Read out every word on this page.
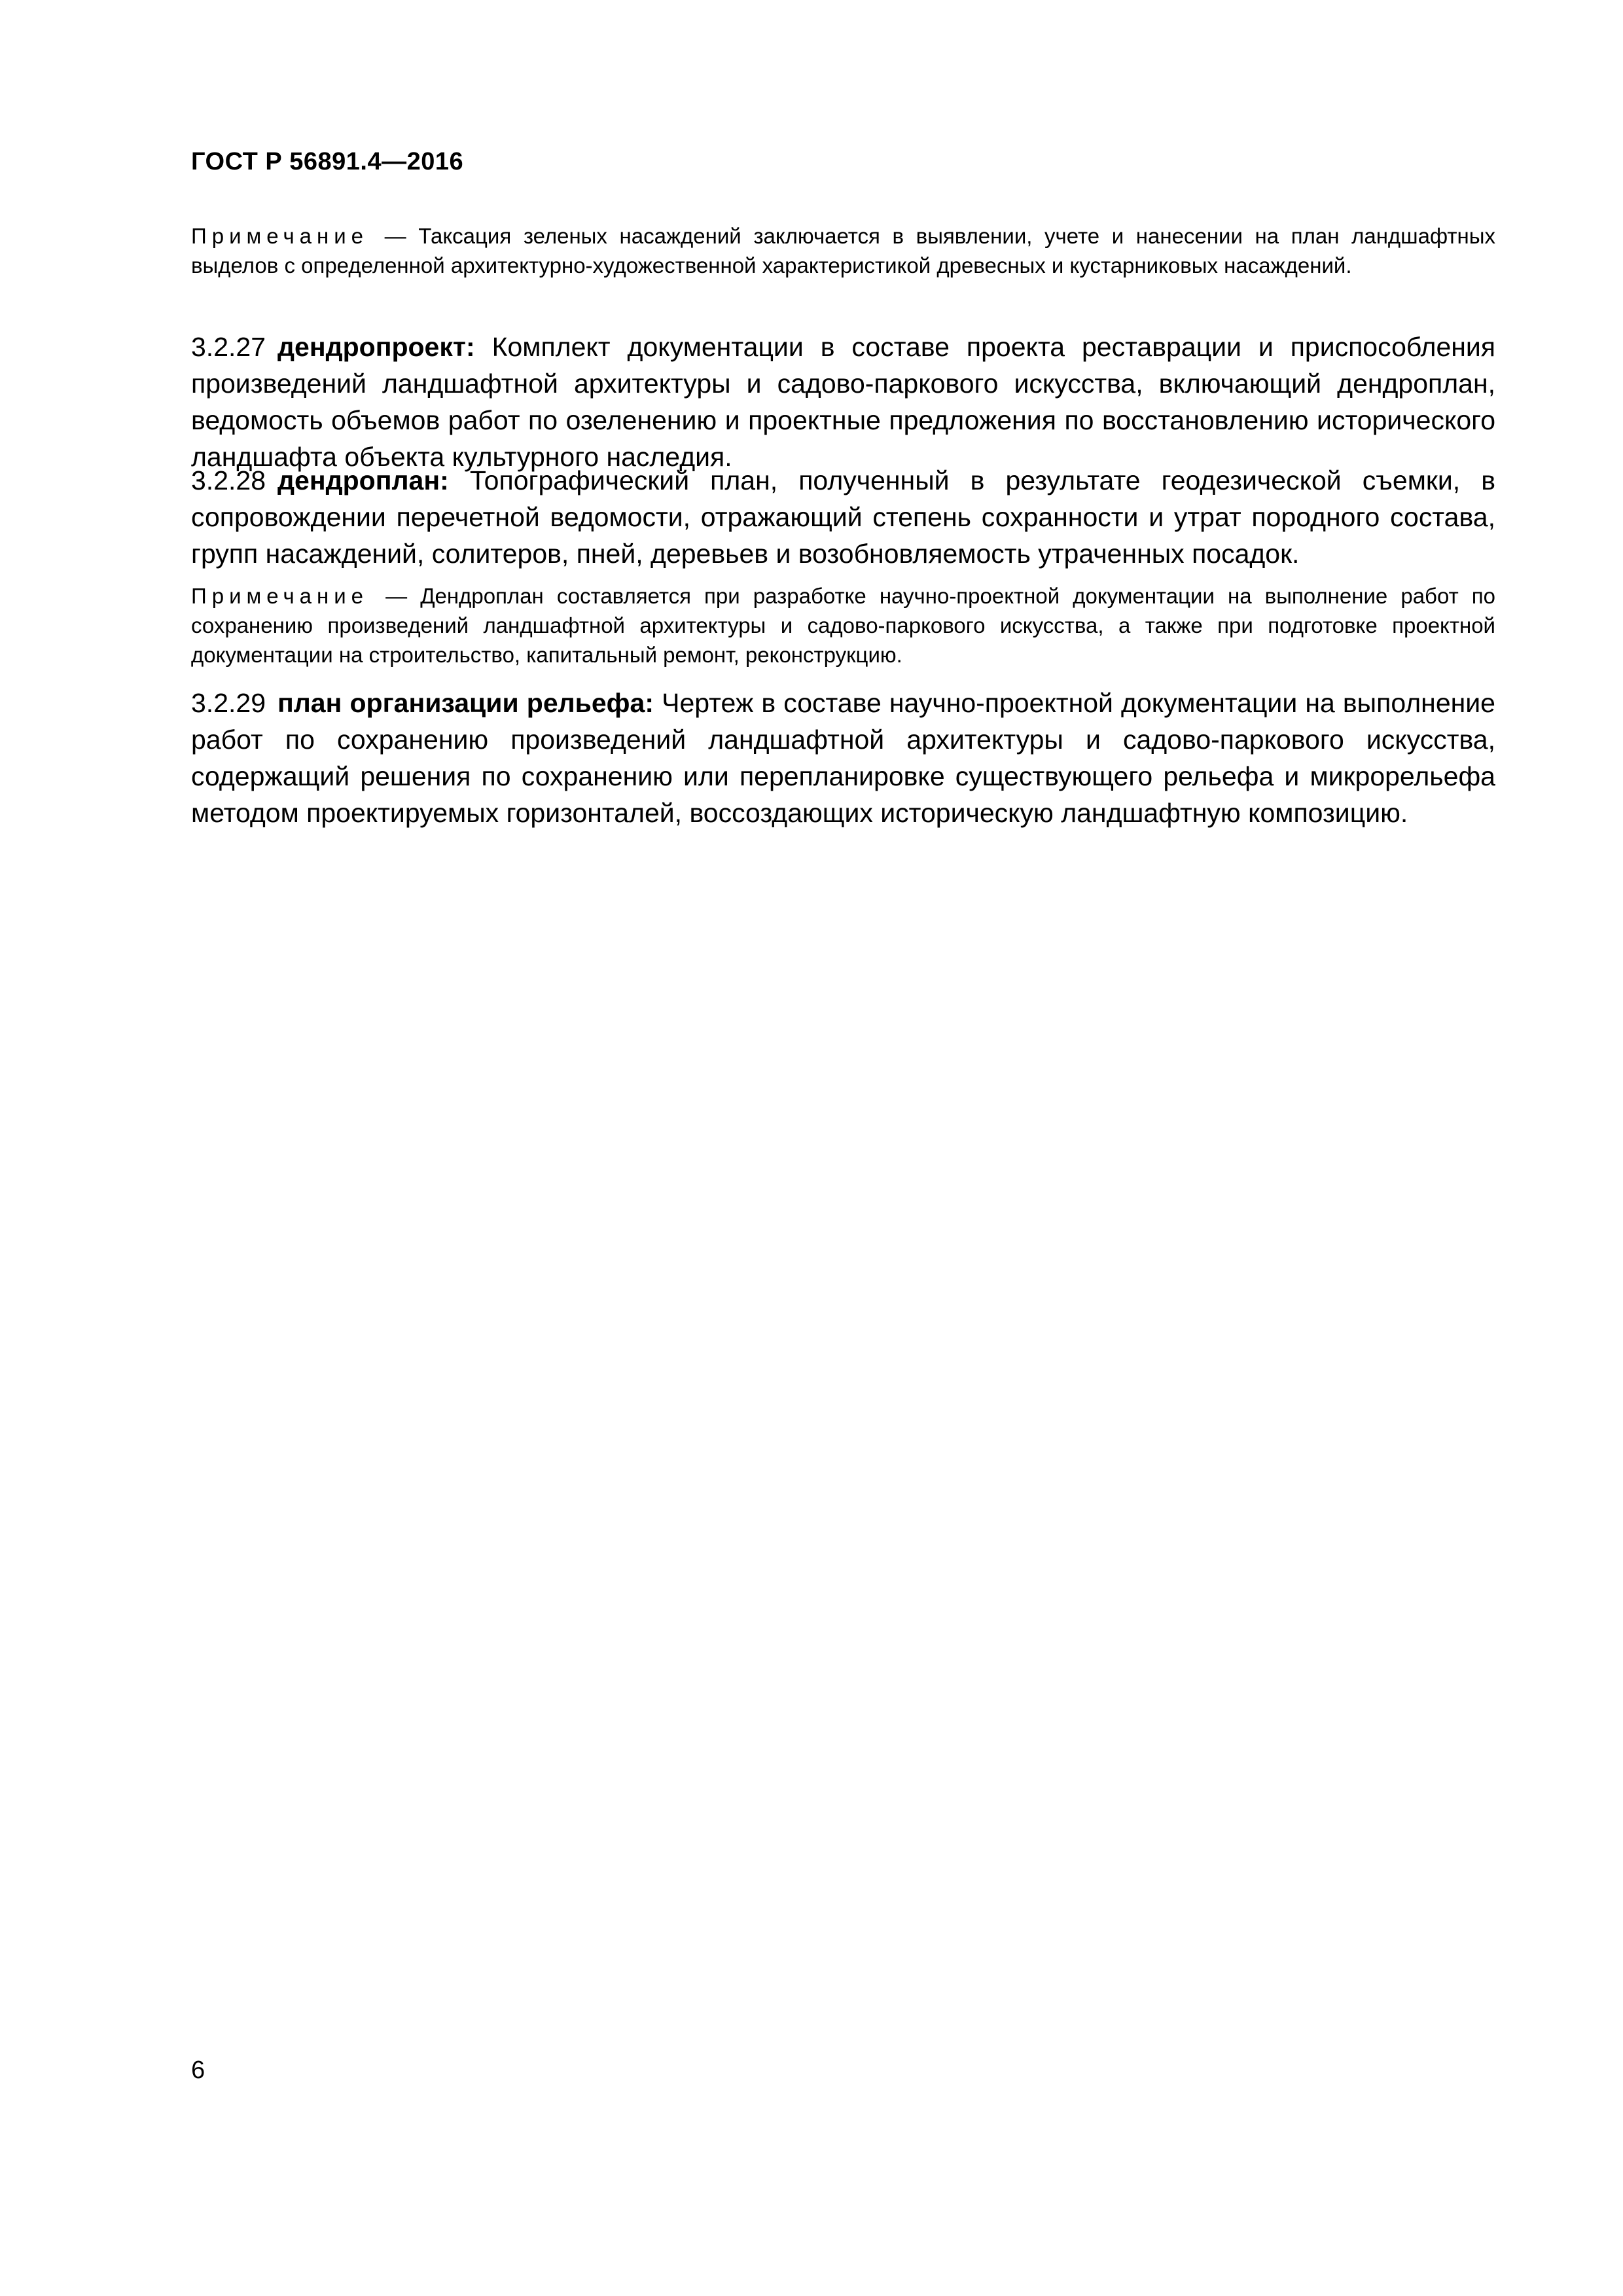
ГОСТ Р 56891.4—2016
Примечание — Таксация зеленых насаждений заключается в выявлении, учете и нанесении на план ландшафтных выделов с определенной архитектурно-художественной характеристикой древесных и кустарниковых насаждений.
3.2.27 дендропроект: Комплект документации в составе проекта реставрации и приспособления произведений ландшафтной архитектуры и садово-паркового искусства, включающий дендроплан, ведомость объемов работ по озеленению и проектные предложения по восстановлению исторического ландшафта объекта культурного наследия.
3.2.28 дендроплан: Топографический план, полученный в результате геодезической съемки, в сопровождении перечетной ведомости, отражающий степень сохранности и утрат породного состава, групп насаждений, солитеров, пней, деревьев и возобновляемость утраченных посадок.
Примечание — Дендроплан составляется при разработке научно-проектной документации на выполнение работ по сохранению произведений ландшафтной архитектуры и садово-паркового искусства, а также при подготовке проектной документации на строительство, капитальный ремонт, реконструкцию.
3.2.29 план организации рельефа: Чертеж в составе научно-проектной документации на выполнение работ по сохранению произведений ландшафтной архитектуры и садово-паркового искусства, содержащий решения по сохранению или перепланировке существующего рельефа и микрорельефа методом проектируемых горизонталей, воссоздающих историческую ландшафтную композицию.
6
